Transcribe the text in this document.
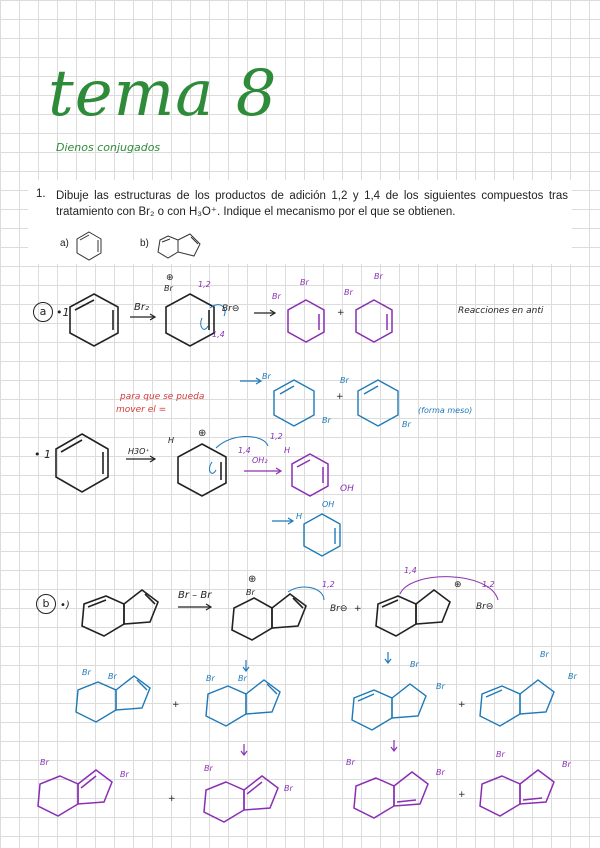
tema 8
Dienos conjugados
1. Dibuje las estructuras de los productos de adición 1,2 y 1,4 de los siguientes compuestos tras tratamiento con Br₂ o con H₃O⁺. Indique el mecanismo por el que se obtienen.
a)	b)
a •1	Br₂
⊕
Br	1,2
1,4
Br⊖ →
Br
Br
+
Br
Br
Reacciones en anti
Br
Br
+
Br
Br
(forma meso)
para que se pueda
mover el =
• 1	H3O⁺
H
⊕	1,2
1,4
OH₂
H
OH
H
OH
b	•)
Br – Br
⊕
Br
1,2
Br⊖ +
1,4
⊕	1,2
Br⊖
Br Br
+
Br	Br
Br
Br
+
Br
Br
Br
Br
+
Br
Br
Br
Br
+
Br
Br
